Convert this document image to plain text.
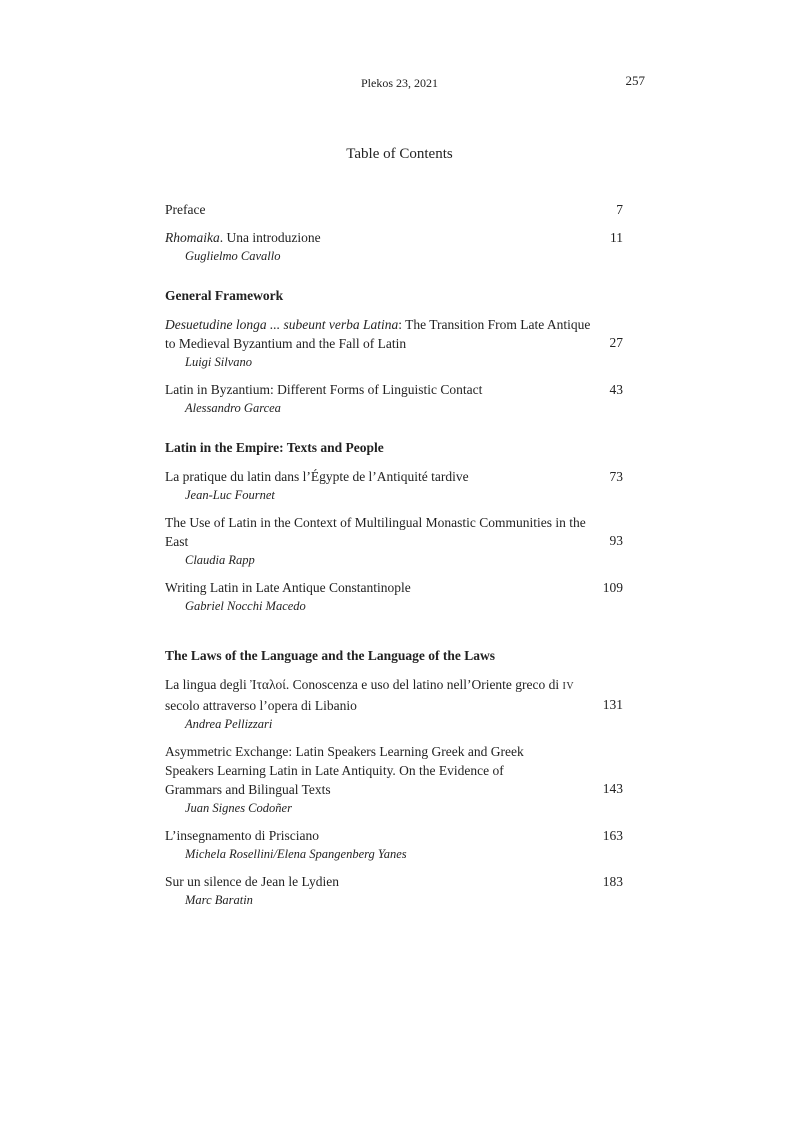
Plekos 23, 2021	257
Table of Contents
Preface	7
Rhomaika. Una introduzione
Guglielmo Cavallo
11
General Framework
Desuetudine longa ... subeunt verba Latina: The Transition From Late Antique to Medieval Byzantium and the Fall of Latin
Luigi Silvano
27
Latin in Byzantium: Different Forms of Linguistic Contact
Alessandro Garcea
43
Latin in the Empire: Texts and People
La pratique du latin dans l’Égypte de l’Antiquité tardive
Jean-Luc Fournet
73
The Use of Latin in the Context of Multilingual Monastic Communities in the East
Claudia Rapp
93
Writing Latin in Late Antique Constantinople
Gabriel Nocchi Macedo
109
The Laws of the Language and the Language of the Laws
La lingua degli Ἰταλοί. Conoscenza e uso del latino nell’Oriente greco di IV secolo attraverso l’opera di Libanio
Andrea Pellizzari
131
Asymmetric Exchange: Latin Speakers Learning Greek and Greek Speakers Learning Latin in Late Antiquity. On the Evidence of Grammars and Bilingual Texts
Juan Signes Codoñer
143
L’insegnamento di Prisciano
Michela Rosellini/Elena Spangenberg Yanes
163
Sur un silence de Jean le Lydien
Marc Baratin
183
